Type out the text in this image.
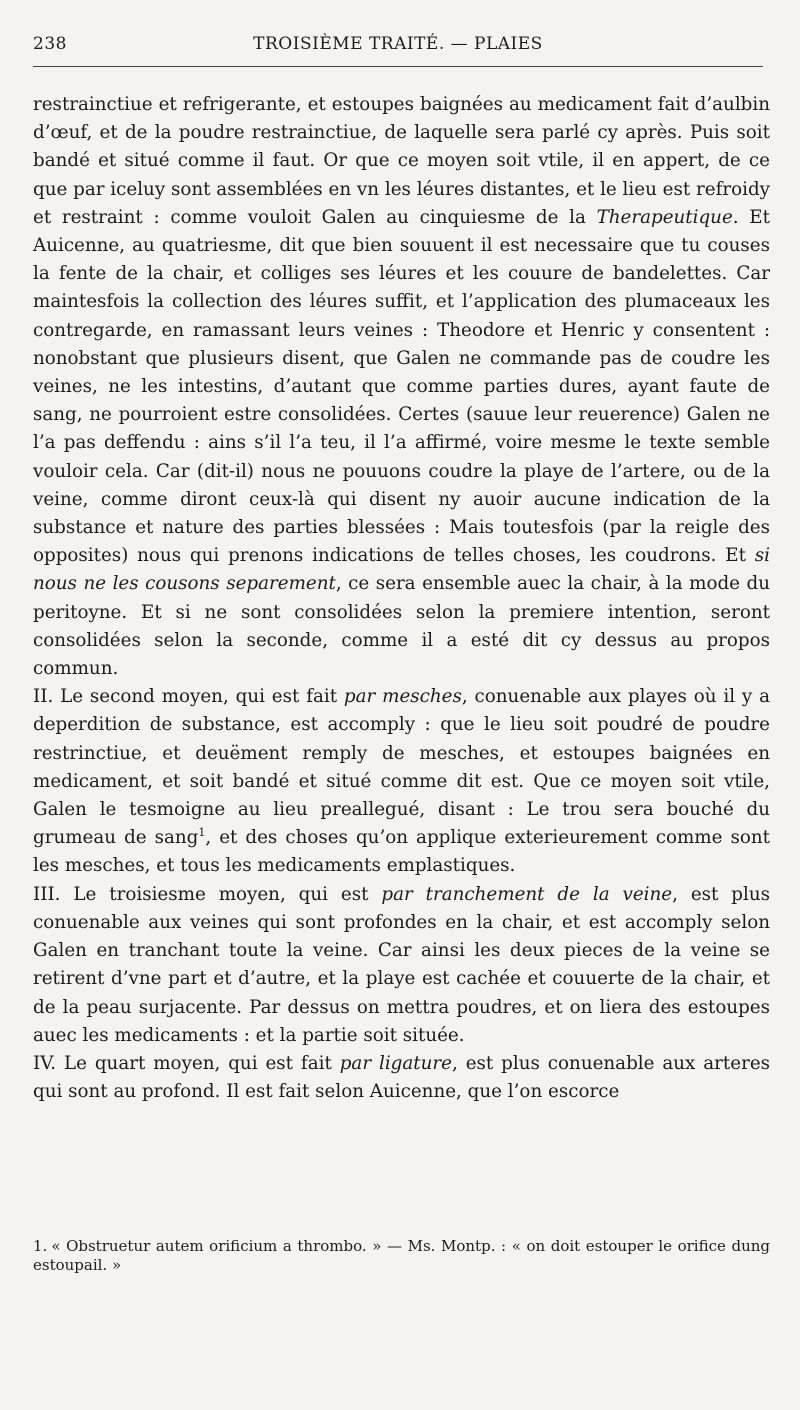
238	TROISIÈME TRAITÉ. — PLAIES

restrainctiue et refrigerante, et estoupes baignées au medicament fait d’aulbin d’œuf, et de la poudre restrainctiue, de laquelle sera parlé cy après. Puis soit bandé et situé comme il faut. Or que ce moyen soit vtile, il en appert, de ce que par iceluy sont assemblées en vn les léures distantes, et le lieu est refroidy et restraint : comme vouloit Galen au cinquiesme de la Therapeutique. Et Auicenne, au quatriesme, dit que bien souuent il est necessaire que tu couses la fente de la chair, et colliges ses léures et les couure de bandelettes. Car maintesfois la collection des léures suffit, et l’application des plumaceaux les contregarde, en ramassant leurs veines : Theodore et Henric y consentent : nonobstant que plusieurs disent, que Galen ne commande pas de coudre les veines, ne les intestins, d’autant que comme parties dures, ayant faute de sang, ne pourroient estre consolidées. Certes (sauue leur reuerence) Galen ne l’a pas deffendu : ains s’il l’a teu, il l’a affirmé, voire mesme le texte semble vouloir cela. Car (dit-il) nous ne pouuons coudre la playe de l’artere, ou de la veine, comme diront ceux-là qui disent ny auoir aucune indication de la substance et nature des parties blessées : Mais toutesfois (par la reigle des opposites) nous qui prenons indications de telles choses, les coudrons. Et si nous ne les cousons separement, ce sera ensemble auec la chair, à la mode du peritoyne. Et si ne sont consolidées selon la premiere intention, seront consolidées selon la seconde, comme il a esté dit cy dessus au propos commun.

II. Le second moyen, qui est fait par mesches, conuenable aux playes où il y a deperdition de substance, est accomply : que le lieu soit poudré de poudre restrinctiue, et deuëment remply de mesches, et estoupes baignées en medicament, et soit bandé et situé comme dit est. Que ce moyen soit vtile, Galen le tesmoigne au lieu preallegué, disant : Le trou sera bouché du grumeau de sang$^1$, et des choses qu’on applique exterieurement comme sont les mesches, et tous les medicaments emplastiques.

III. Le troisiesme moyen, qui est par tranchement de la veine, est plus conuenable aux veines qui sont profondes en la chair, et est accomply selon Galen en tranchant toute la veine. Car ainsi les deux pieces de la veine se retirent d’vne part et d’autre, et la playe est cachée et couuerte de la chair, et de la peau surjacente. Par dessus on mettra poudres, et on liera des estoupes auec les medicaments : et la partie soit située.

IV. Le quart moyen, qui est fait par ligature, est plus conuenable aux arteres qui sont au profond. Il est fait selon Auicenne, que l’on escorce

1. « Obstruetur autem orificium a thrombo. » — Ms. Montp. : « on doit estouper le orifice dung estoupail. »
